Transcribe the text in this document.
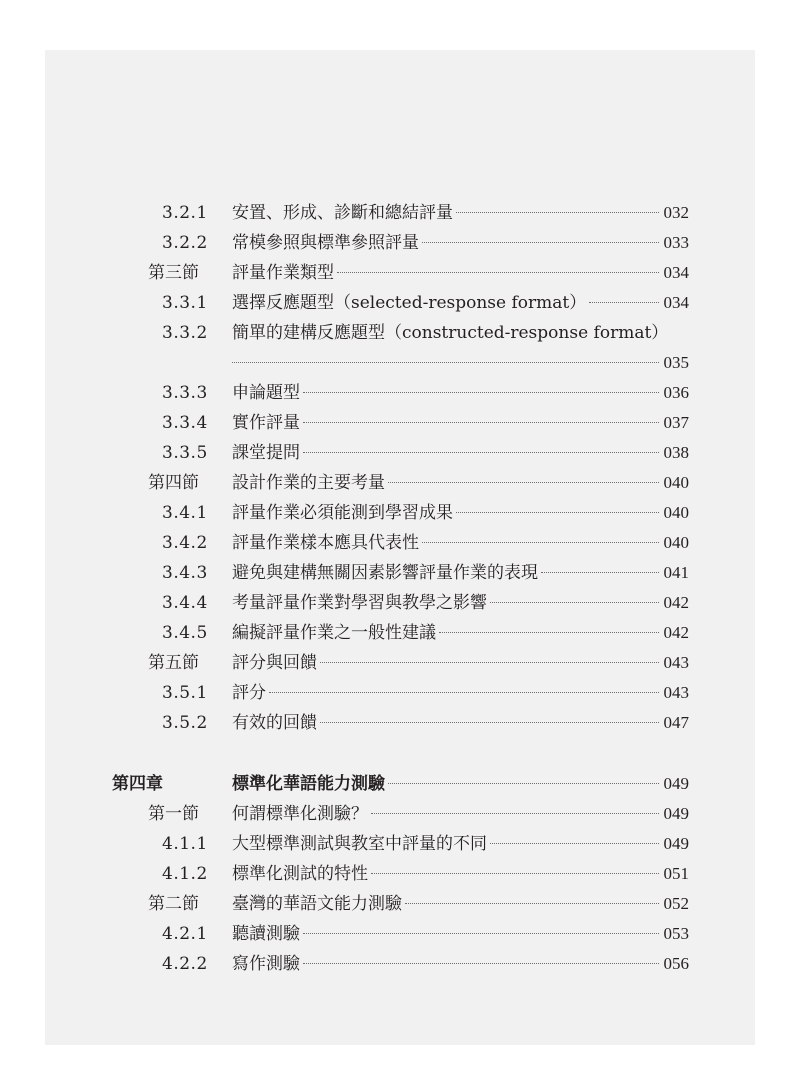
3.2.1 安置、形成、診斷和總結評量	032
3.2.2 常模參照與標準參照評量	033
第三節 評量作業類型	034
3.3.1 選擇反應題型（selected-response format）	034
3.3.2 簡單的建構反應題型（constructed-response format）
035
3.3.3 申論題型	036
3.3.4 實作評量	037
3.3.5 課堂提問	038
第四節 設計作業的主要考量	040
3.4.1 評量作業必須能測到學習成果	040
3.4.2 評量作業樣本應具代表性	040
3.4.3 避免與建構無關因素影響評量作業的表現	041
3.4.4 考量評量作業對學習與教學之影響	042
3.4.5 編擬評量作業之一般性建議	042
第五節 評分與回饋	043
3.5.1 評分	043
3.5.2 有效的回饋	047
第四章	標準化華語能力測驗	049
第一節 何謂標準化測驗？	049
4.1.1 大型標準測試與教室中評量的不同	049
4.1.2 標準化測試的特性	051
第二節 臺灣的華語文能力測驗	052
4.2.1 聽讀測驗	053
4.2.2 寫作測驗	056
